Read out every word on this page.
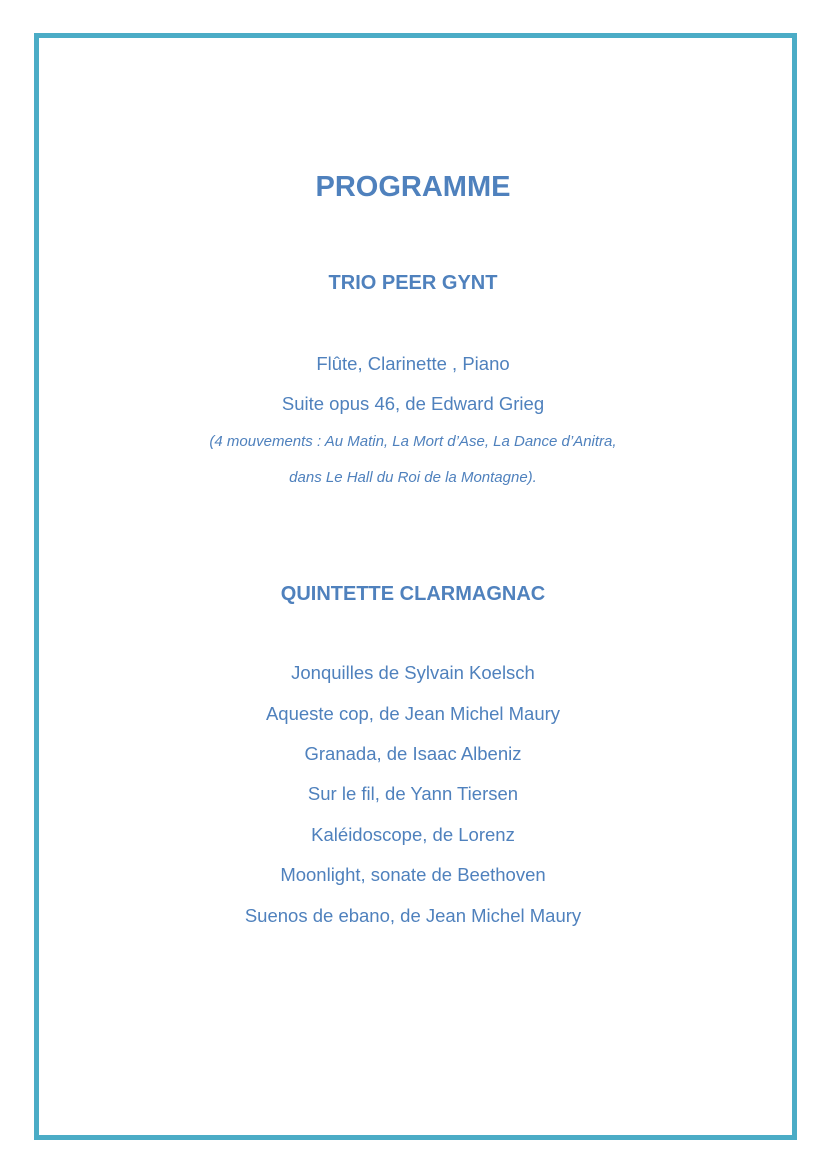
PROGRAMME
TRIO PEER GYNT
Flûte, Clarinette , Piano
Suite opus 46, de Edward Grieg
(4 mouvements : Au Matin, La Mort d’Ase, La Dance d’Anitra,
dans Le Hall du Roi de la Montagne).
QUINTETTE CLARMAGNAC
Jonquilles de Sylvain Koelsch
Aqueste cop, de Jean Michel Maury
Granada, de Isaac Albeniz
Sur le fil, de Yann Tiersen
Kaléidoscope, de Lorenz
Moonlight, sonate de Beethoven
Suenos de ebano, de Jean Michel Maury
